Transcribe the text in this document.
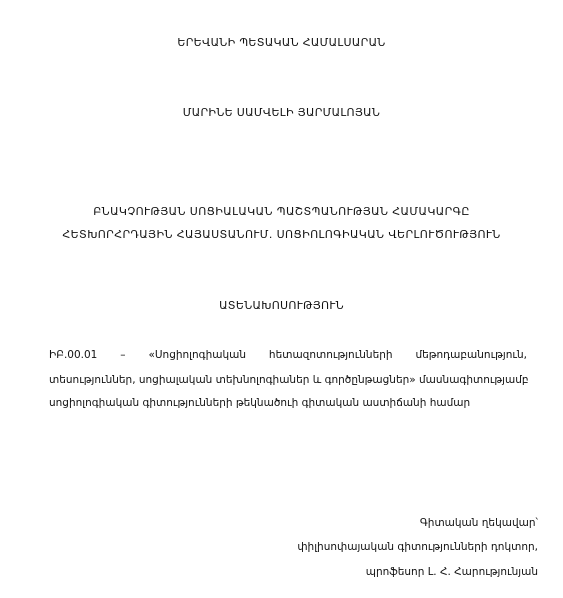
ԵՐԵՎԱՆԻ ՊԵՏԱԿԱՆ ՀԱՄԱԼՍԱՐԱՆ
ՄԱՐԻՆԵ ՍԱՄՎԵԼԻ ՅԱՐՄԱԼՈՅԱՆ
ԲՆԱԿՉՈՒԹՅԱՆ ՍՈՑԻԱԼԱԿԱՆ ՊԱՇՏՊԱՆՈՒԹՅԱՆ ՀԱՄԱԿԱՐԳԸ
ՀԵՏԽՈՐՀՐԴԱՅԻՆ ՀԱՅԱՍՏԱՆՈՒՄ. ՍՈՑԻՈԼՈԳԻԱԿԱՆ ՎԵՐԼՈՒԾՈՒԹՅՈՒՆ
ԱՏԵՆԱԽՈՍՈՒԹՅՈՒՆ
ԻԲ.00.01 – «Սոցիոլոգիական հետազոտությունների մեթոդաբանություն,
տեսություններ, սոցիալական տեխնոլոգիաներ և գործընթացներ» մասնագիտությամբ
սոցիոլոգիական գիտությունների թեկնածուի գիտական աստիճանի համար
Գիտական ղեկավար՝
փիլիսոփայական գիտությունների դոկտոր,
պրոֆեսոր Լ. Հ. Հարությունյան
